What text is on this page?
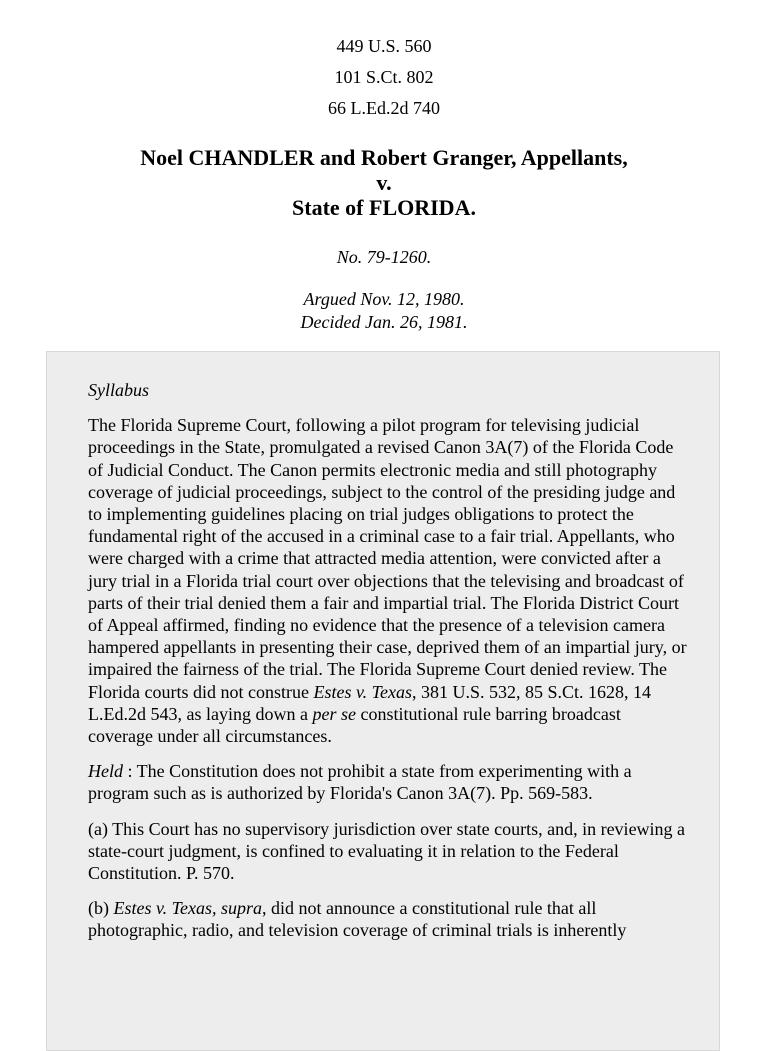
449 U.S. 560
101 S.Ct. 802
66 L.Ed.2d 740
Noel CHANDLER and Robert Granger, Appellants,
v.
State of FLORIDA.
No. 79-1260.
Argued Nov. 12, 1980.
Decided Jan. 26, 1981.

Syllabus

The Florida Supreme Court, following a pilot program for televising judicial proceedings in the State, promulgated a revised Canon 3A(7) of the Florida Code of Judicial Conduct. The Canon permits electronic media and still photography coverage of judicial proceedings, subject to the control of the presiding judge and to implementing guidelines placing on trial judges obligations to protect the fundamental right of the accused in a criminal case to a fair trial. Appellants, who were charged with a crime that attracted media attention, were convicted after a jury trial in a Florida trial court over objections that the televising and broadcast of parts of their trial denied them a fair and impartial trial. The Florida District Court of Appeal affirmed, finding no evidence that the presence of a television camera hampered appellants in presenting their case, deprived them of an impartial jury, or impaired the fairness of the trial. The Florida Supreme Court denied review. The Florida courts did not construe Estes v. Texas, 381 U.S. 532, 85 S.Ct. 1628, 14 L.Ed.2d 543, as laying down a per se constitutional rule barring broadcast coverage under all circumstances.

Held : The Constitution does not prohibit a state from experimenting with a program such as is authorized by Florida's Canon 3A(7). Pp. 569-583.

(a) This Court has no supervisory jurisdiction over state courts, and, in reviewing a state-court judgment, is confined to evaluating it in relation to the Federal Constitution. P. 570.

(b) Estes v. Texas, supra, did not announce a constitutional rule that all photographic, radio, and television coverage of criminal trials is inherently
